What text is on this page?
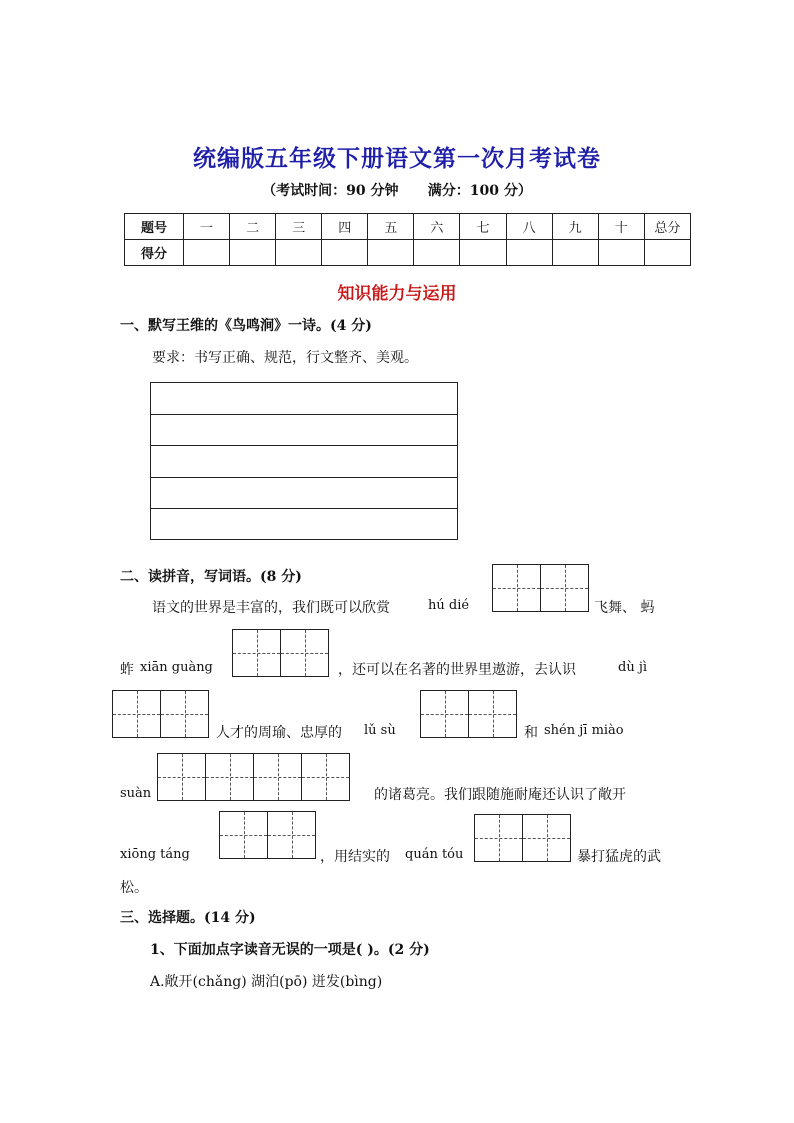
统编版五年级下册语文第一次月考试卷
（考试时间：90 分钟      满分：100 分）
题号	一	二	三	四	五	六	七	八	九	十	总分
得分											
知识能力与运用
一、默写王维的《鸟鸣涧》一诗。(4 分)
要求：书写正确、规范，行文整齐、美观。
二、读拼音，写词语。(8 分)
语文的世界是丰富的，我们既可以欣赏	hú dié	飞舞、 蚂
蚱 xiān guàng	，还可以在名著的世界里遨游，去认识	dù jì
人才的周瑜、忠厚的 lǔ sù	和 shén jī miào
suàn	的诸葛亮。我们跟随施耐庵还认识了敞开
xiōng táng	，用结实的 quán tóu	暴打猛虎的武
松。
三、选择题。(14 分)
1、下面加点字读音无误的一项是( )。(2 分)
A.敞开(chǎng) 湖泊(pō) 迸发(bìng)
